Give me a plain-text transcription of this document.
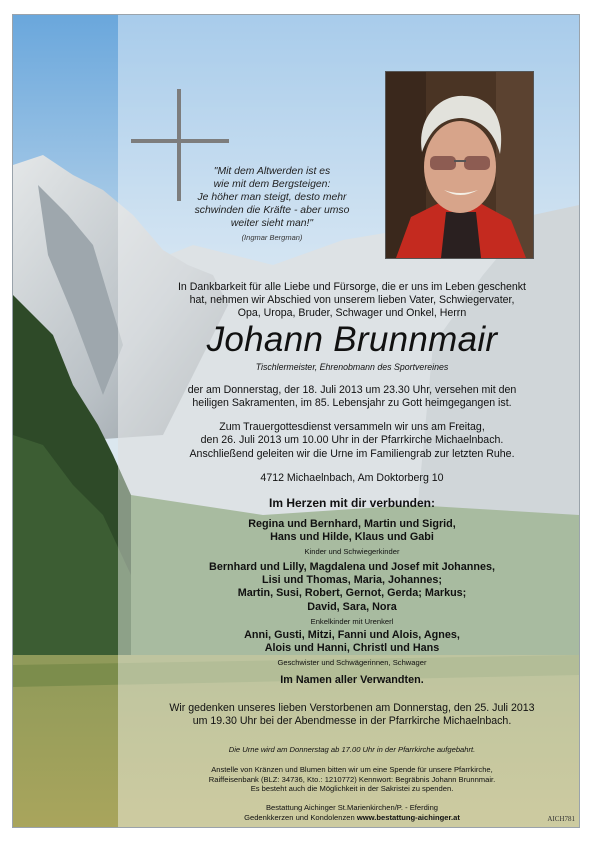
"Mit dem Altwerden ist es
wie mit dem Bergsteigen:
Je höher man steigt, desto mehr
schwinden die Kräfte - aber umso
weiter sieht man!"
(Ingmar Bergman)
In Dankbarkeit für alle Liebe und Fürsorge, die er uns im Leben geschenkt
hat, nehmen wir Abschied von unserem lieben Vater, Schwiegervater,
Opa, Uropa, Bruder, Schwager und Onkel, Herrn
Johann Brunnmair
Tischlermeister, Ehrenobmann des Sportvereines
der am Donnerstag, der 18. Juli 2013 um 23.30 Uhr, versehen mit den
heiligen Sakramenten, im 85. Lebensjahr zu Gott heimgegangen ist.
Zum Trauergottesdienst versammeln wir uns am Freitag,
den 26. Juli 2013 um 10.00 Uhr in der Pfarrkirche Michaelnbach.
Anschließend geleiten wir die Urne im Familiengrab zur letzten Ruhe.
4712 Michaelnbach, Am Doktorberg 10
Im Herzen mit dir verbunden:
Regina und Bernhard, Martin und Sigrid,
Hans und Hilde, Klaus und Gabi
Kinder und Schwiegerkinder
Bernhard und Lilly, Magdalena und Josef mit Johannes,
Lisi und Thomas, Maria, Johannes;
Martin, Susi, Robert, Gernot, Gerda; Markus;
David, Sara, Nora
Enkelkinder mit Urenkerl
Anni, Gusti, Mitzi, Fanni und Alois, Agnes,
Alois und Hanni, Christl und Hans
Geschwister und Schwägerinnen, Schwager
Im Namen aller Verwandten.
Wir gedenken unseres lieben Verstorbenen am Donnerstag, den 25. Juli 2013
um 19.30 Uhr bei der Abendmesse in der Pfarrkirche Michaelnbach.
Die Urne wird am Donnerstag ab 17.00 Uhr in der Pfarrkirche aufgebahrt.
Anstelle von Kränzen und Blumen bitten wir um eine Spende für unsere Pfarrkirche,
Raiffeisenbank (BLZ: 34736, Kto.: 1210772) Kennwort: Begräbnis Johann Brunnmair.
Es besteht auch die Möglichkeit in der Sakristei zu spenden.
Bestattung Aichinger St.Marienkirchen/P. - Eferding
Gedenkkerzen und Kondolenzen www.bestattung-aichinger.at	AICH781
